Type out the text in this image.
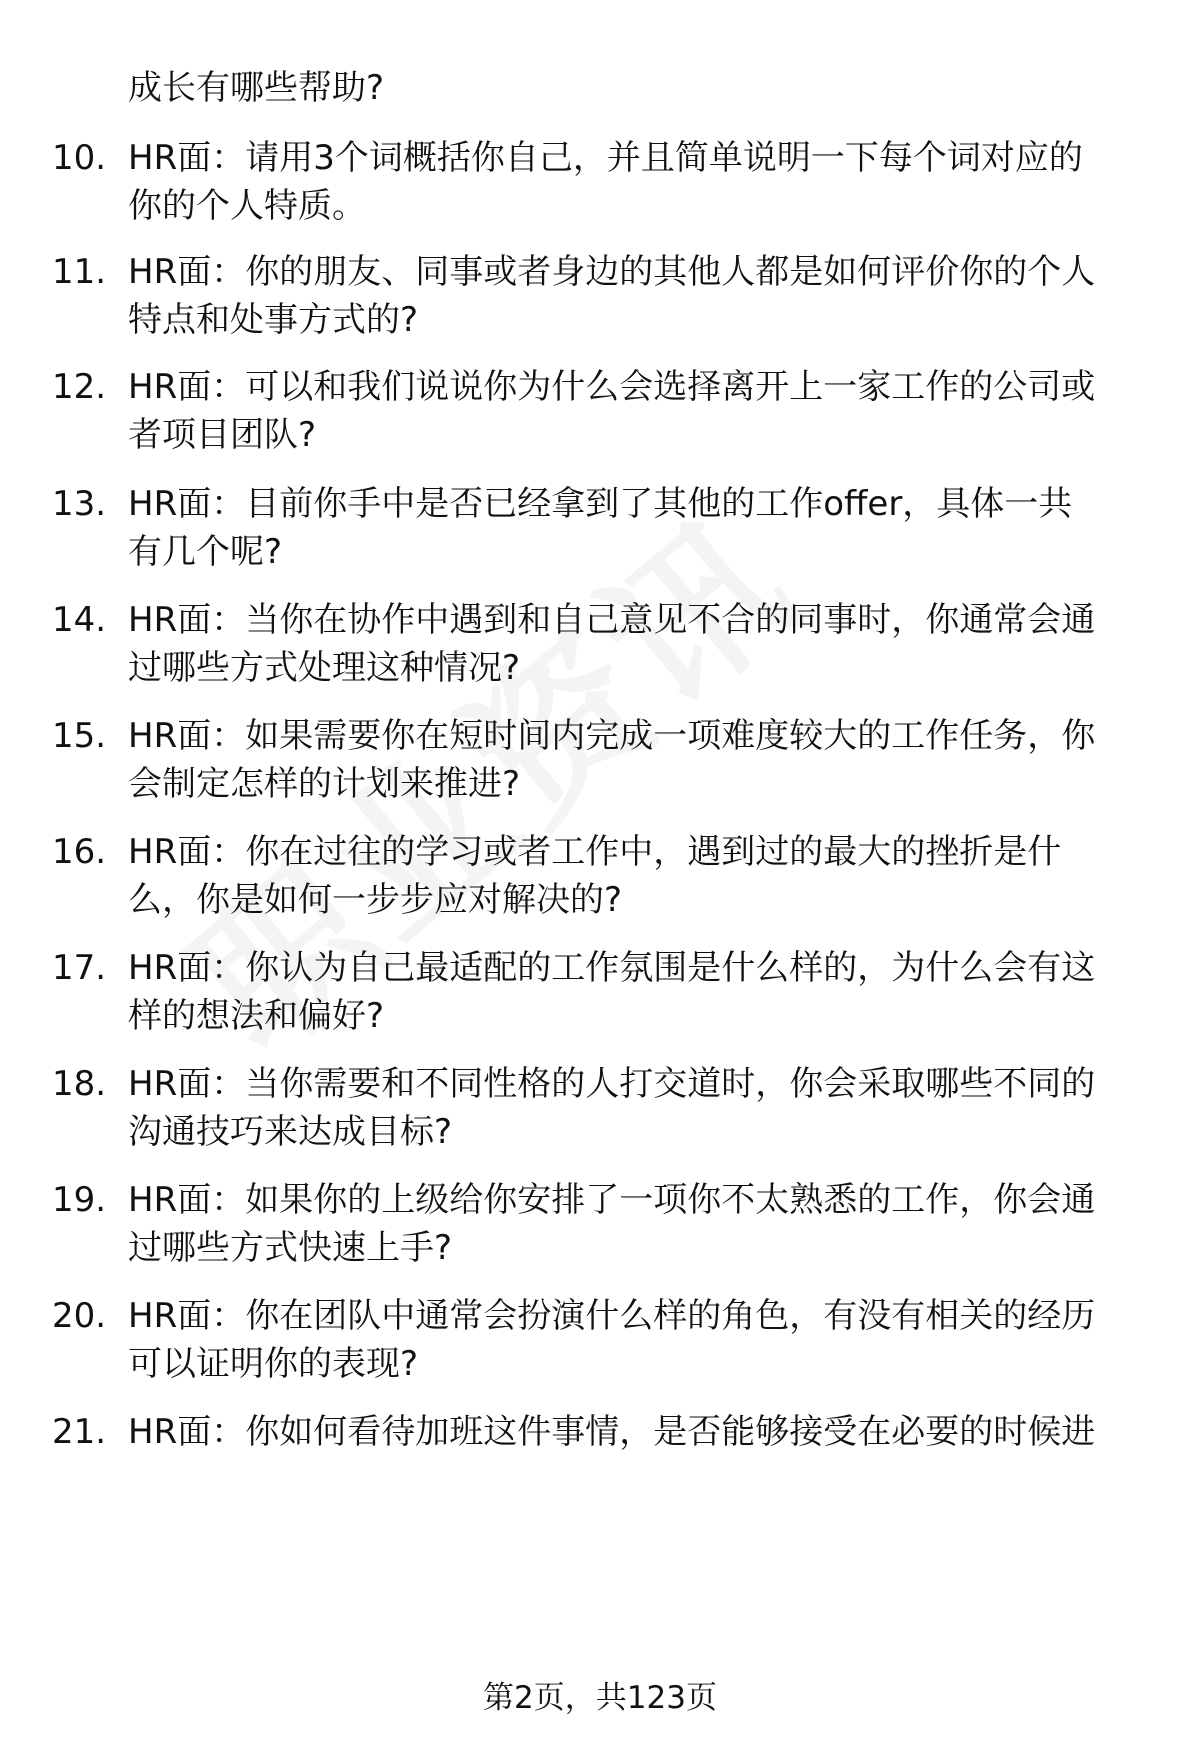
成长有哪些帮助?
10. HR面：请用3个词概括你自己，并且简单说明一下每个词对应的
你的个人特质。
11. HR面：你的朋友、同事或者身边的其他人都是如何评价你的个人
特点和处事方式的?
12. HR面：可以和我们说说你为什么会选择离开上一家工作的公司或
者项目团队?
13. HR面：目前你手中是否已经拿到了其他的工作offer，具体一共
有几个呢?
14. HR面：当你在协作中遇到和自己意见不合的同事时，你通常会通
过哪些方式处理这种情况?
15. HR面：如果需要你在短时间内完成一项难度较大的工作任务，你
会制定怎样的计划来推进?
16. HR面：你在过往的学习或者工作中，遇到过的最大的挫折是什
么，你是如何一步步应对解决的?
17. HR面：你认为自己最适配的工作氛围是什么样的，为什么会有这
样的想法和偏好?
18. HR面：当你需要和不同性格的人打交道时，你会采取哪些不同的
沟通技巧来达成目标?
19. HR面：如果你的上级给你安排了一项你不太熟悉的工作，你会通
过哪些方式快速上手?
20. HR面：你在团队中通常会扮演什么样的角色，有没有相关的经历
可以证明你的表现?
21. HR面：你如何看待加班这件事情，是否能够接受在必要的时候进
第2页，共123页
